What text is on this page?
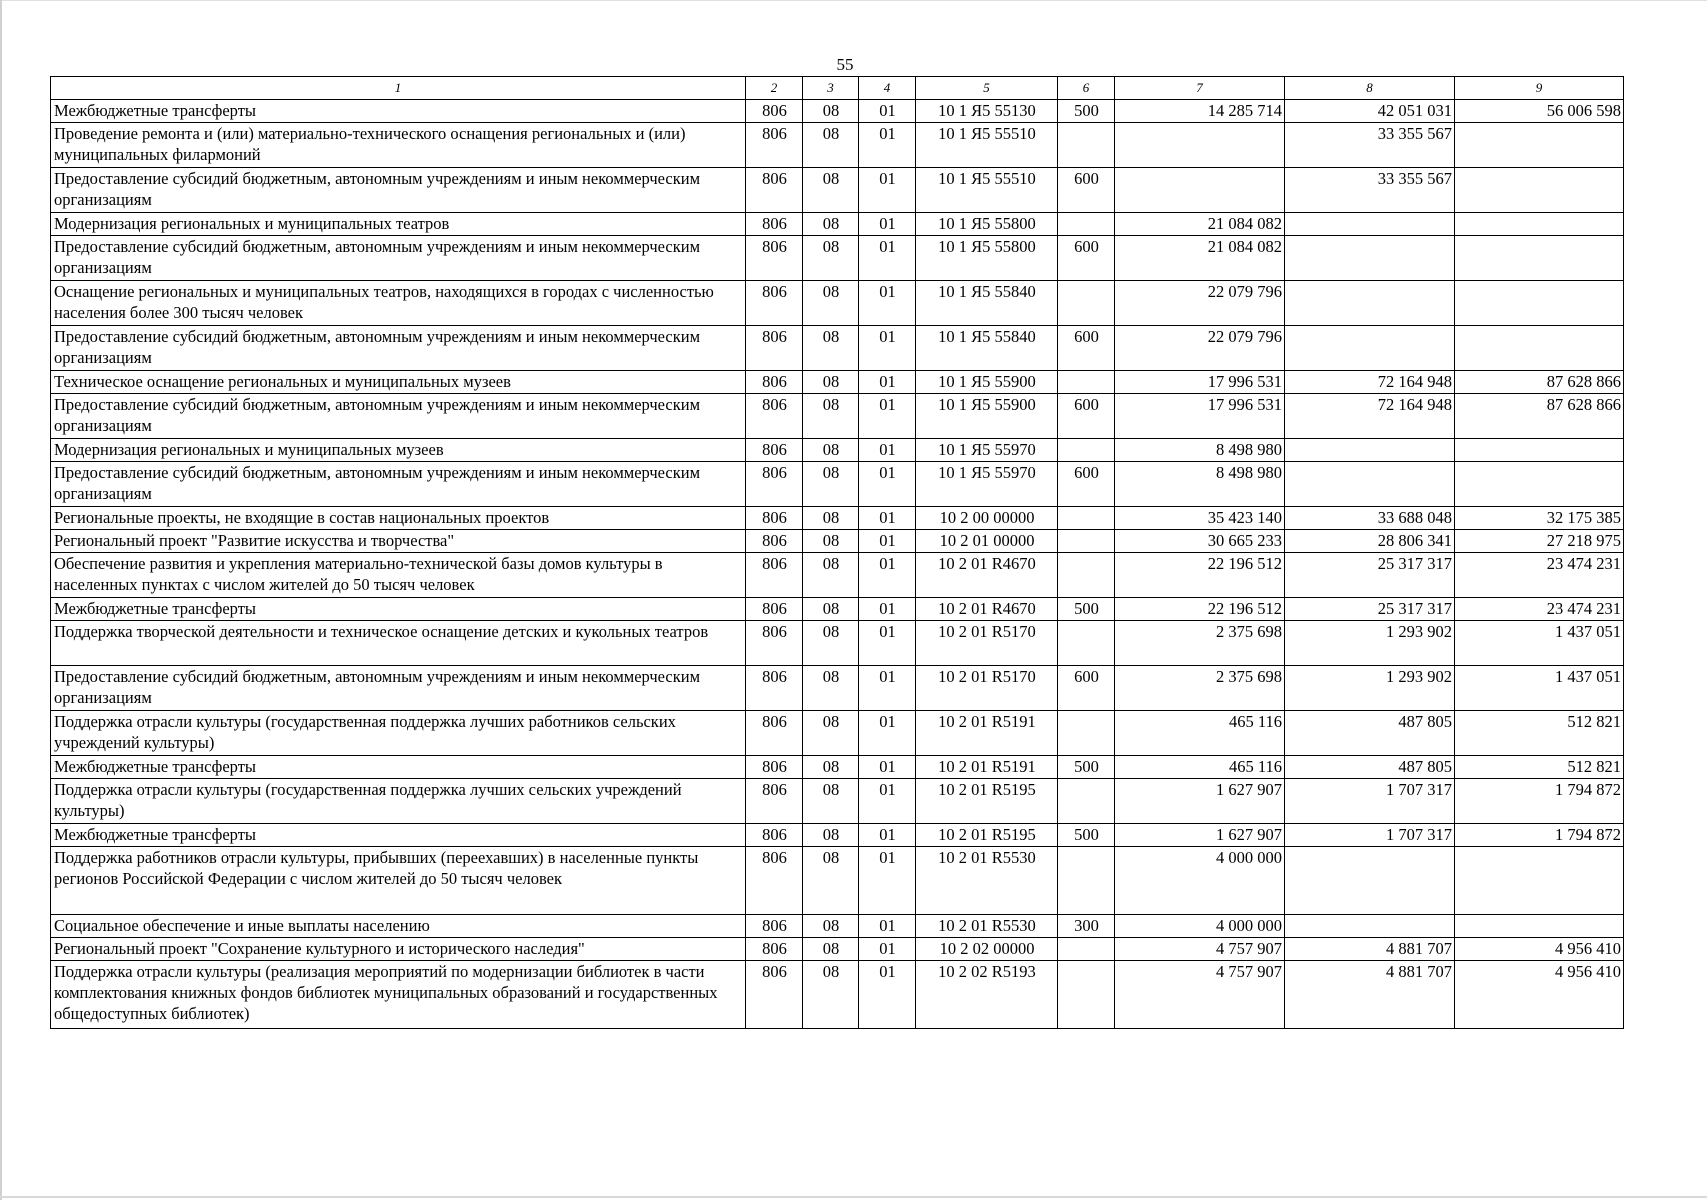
55
1	2	3	4	5	6	7	8	9
Межбюджетные трансферты	806	08	01	10 1 Я5 55130	500	14 285 714	42 051 031	56 006 598
Проведение ремонта и (или) материально-технического оснащения региональных и (или) муниципальных филармоний	806	08	01	10 1 Я5 55510			33 355 567	
Предоставление субсидий бюджетным, автономным учреждениям и иным некоммерческим организациям	806	08	01	10 1 Я5 55510	600		33 355 567	
Модернизация региональных и муниципальных театров	806	08	01	10 1 Я5 55800		21 084 082		
Предоставление субсидий бюджетным, автономным учреждениям и иным некоммерческим организациям	806	08	01	10 1 Я5 55800	600	21 084 082		
Оснащение региональных и муниципальных театров, находящихся в городах с численностью населения более 300 тысяч человек	806	08	01	10 1 Я5 55840		22 079 796		
Предоставление субсидий бюджетным, автономным учреждениям и иным некоммерческим организациям	806	08	01	10 1 Я5 55840	600	22 079 796		
Техническое оснащение региональных и муниципальных музеев	806	08	01	10 1 Я5 55900		17 996 531	72 164 948	87 628 866
Предоставление субсидий бюджетным, автономным учреждениям и иным некоммерческим организациям	806	08	01	10 1 Я5 55900	600	17 996 531	72 164 948	87 628 866
Модернизация региональных и муниципальных музеев	806	08	01	10 1 Я5 55970		8 498 980		
Предоставление субсидий бюджетным, автономным учреждениям и иным некоммерческим организациям	806	08	01	10 1 Я5 55970	600	8 498 980		
Региональные проекты, не входящие в состав национальных проектов	806	08	01	10 2 00 00000		35 423 140	33 688 048	32 175 385
Региональный проект "Развитие искусства и творчества"	806	08	01	10 2 01 00000		30 665 233	28 806 341	27 218 975
Обеспечение развития и укрепления материально-технической базы домов культуры в населенных пунктах с числом жителей до 50 тысяч человек	806	08	01	10 2 01 R4670		22 196 512	25 317 317	23 474 231
Межбюджетные трансферты	806	08	01	10 2 01 R4670	500	22 196 512	25 317 317	23 474 231
Поддержка творческой деятельности и техническое оснащение детских и кукольных театров	806	08	01	10 2 01 R5170		2 375 698	1 293 902	1 437 051
Предоставление субсидий бюджетным, автономным учреждениям и иным некоммерческим организациям	806	08	01	10 2 01 R5170	600	2 375 698	1 293 902	1 437 051
Поддержка отрасли культуры (государственная поддержка лучших работников сельских учреждений культуры)	806	08	01	10 2 01 R5191		465 116	487 805	512 821
Межбюджетные трансферты	806	08	01	10 2 01 R5191	500	465 116	487 805	512 821
Поддержка отрасли культуры (государственная поддержка лучших сельских учреждений культуры)	806	08	01	10 2 01 R5195		1 627 907	1 707 317	1 794 872
Межбюджетные трансферты	806	08	01	10 2 01 R5195	500	1 627 907	1 707 317	1 794 872
Поддержка работников отрасли культуры, прибывших (переехавших) в населенные пункты регионов Российской Федерации с числом жителей до 50 тысяч человек	806	08	01	10 2 01 R5530		4 000 000		
Социальное обеспечение и иные выплаты населению	806	08	01	10 2 01 R5530	300	4 000 000		
Региональный проект "Сохранение культурного и исторического наследия"	806	08	01	10 2 02 00000		4 757 907	4 881 707	4 956 410
Поддержка отрасли культуры (реализация мероприятий по модернизации библиотек в части комплектования книжных фондов библиотек муниципальных образований и государственных общедоступных библиотек)	806	08	01	10 2 02 R5193		4 757 907	4 881 707	4 956 410
